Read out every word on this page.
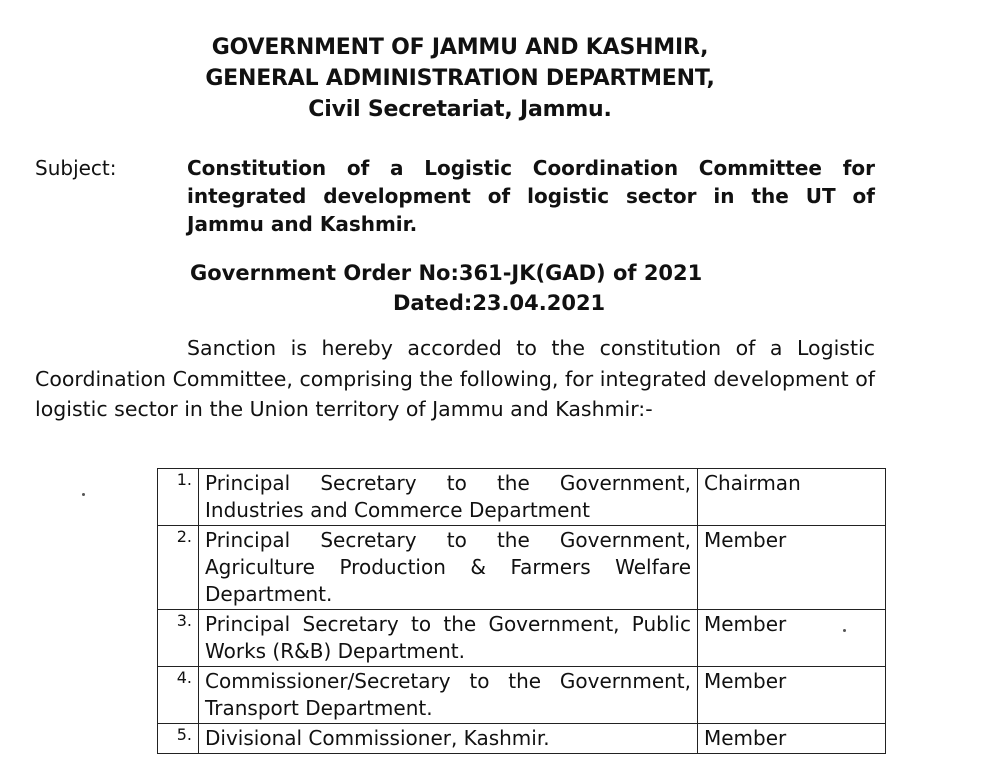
GOVERNMENT OF JAMMU AND KASHMIR,
GENERAL ADMINISTRATION DEPARTMENT,
Civil Secretariat, Jammu.
Subject:	Constitution of a Logistic Coordination Committee for integrated development of logistic sector in the UT of Jammu and Kashmir.
Government Order No:361-JK(GAD) of 2021
Dated:23.04.2021
Sanction is hereby accorded to the constitution of a Logistic Coordination Committee, comprising the following, for integrated development of logistic sector in the Union territory of Jammu and Kashmir:-
1.	Principal Secretary to the Government,
Industries and Commerce Department	Chairman
2.	Principal Secretary to the Government,
Agriculture Production & Farmers Welfare
Department.	Member
3.	Principal Secretary to the Government, Public
Works (R&B) Department.	Member
4.	Commissioner/Secretary to the Government,
Transport Department.	Member
5.	Divisional Commissioner, Kashmir.	Member
